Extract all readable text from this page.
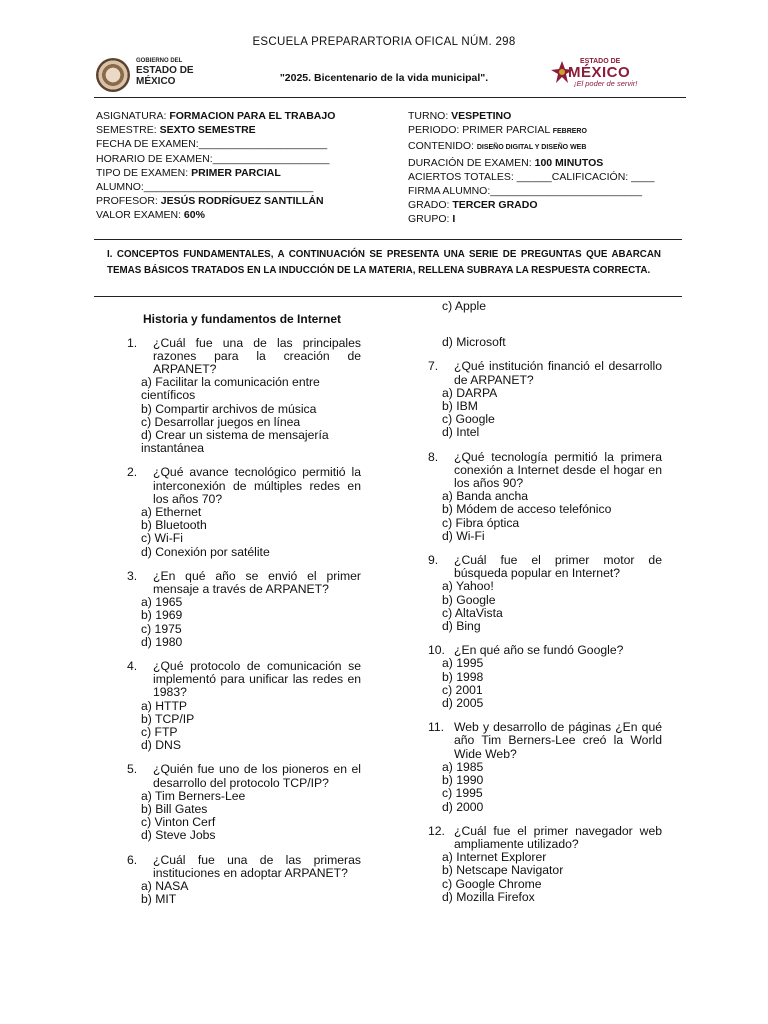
ESCUELA PREPARARTORIA OFICAL NÚM. 298
GOBIERNO DEL
ESTADO DE
MÉXICO	"2025. Bicentenario de la vida municipal".
ESTADO DE
MÉXICO
¡El poder de servir!
ASIGNATURA: FORMACION PARA EL TRABAJO
SEMESTRE: SEXTO SEMESTRE
FECHA DE EXAMEN:______________________
HORARIO DE EXAMEN:____________________
TIPO DE EXAMEN: PRIMER PARCIAL
ALUMNO:_____________________________
PROFESOR: JESÚS RODRÍGUEZ SANTILLÁN
VALOR EXAMEN: 60%
TURNO: VESPETINO
PERIODO: PRIMER PARCIAL FEBRERO
CONTENIDO: DISEÑO DIGITAL Y DISEÑO WEB
DURACIÓN DE EXAMEN: 100 MINUTOS
ACIERTOS TOTALES: ______CALIFICACIÓN: ____
FIRMA ALUMNO:__________________________
GRADO: TERCER GRADO
GRUPO: I
I. CONCEPTOS FUNDAMENTALES, A CONTINUACIÓN SE PRESENTA UNA SERIE DE PREGUNTAS QUE ABARCAN TEMAS BÁSICOS TRATADOS EN LA INDUCCIÓN DE LA MATERIA, RELLENA SUBRAYA LA RESPUESTA CORRECTA.
Historia y fundamentos de Internet
1.	¿Cuál fue una de las principales razones para la creación de ARPANET?
a) Facilitar la comunicación entre científicos
b) Compartir archivos de música
c) Desarrollar juegos en línea
d) Crear un sistema de mensajería instantánea
2.	¿Qué avance tecnológico permitió la interconexión de múltiples redes en los años 70?
a) Ethernet
b) Bluetooth
c) Wi-Fi
d) Conexión por satélite
3.	¿En qué año se envió el primer mensaje a través de ARPANET?
a) 1965
b) 1969
c) 1975
d) 1980
4.	¿Qué protocolo de comunicación se implementó para unificar las redes en 1983?
a) HTTP
b) TCP/IP
c) FTP
d) DNS
5.	¿Quién fue uno de los pioneros en el desarrollo del protocolo TCP/IP?
a) Tim Berners-Lee
b) Bill Gates
c) Vinton Cerf
d) Steve Jobs
6.	¿Cuál fue una de las primeras instituciones en adoptar ARPANET?
a) NASA
b) MIT
c) Apple
d) Microsoft
7.	¿Qué institución financió el desarrollo de ARPANET?
a) DARPA
b) IBM
c) Google
d) Intel
8.	¿Qué tecnología permitió la primera conexión a Internet desde el hogar en los años 90?
a) Banda ancha
b) Módem de acceso telefónico
c) Fibra óptica
d) Wi-Fi
9.	¿Cuál fue el primer motor de búsqueda popular en Internet?
a) Yahoo!
b) Google
c) AltaVista
d) Bing
10. ¿En qué año se fundó Google?
a) 1995
b) 1998
c) 2001
d) 2005
11. Web y desarrollo de páginas ¿En qué año Tim Berners-Lee creó la World Wide Web?
a) 1985
b) 1990
c) 1995
d) 2000
12. ¿Cuál fue el primer navegador web ampliamente utilizado?
a) Internet Explorer
b) Netscape Navigator
c) Google Chrome
d) Mozilla Firefox
